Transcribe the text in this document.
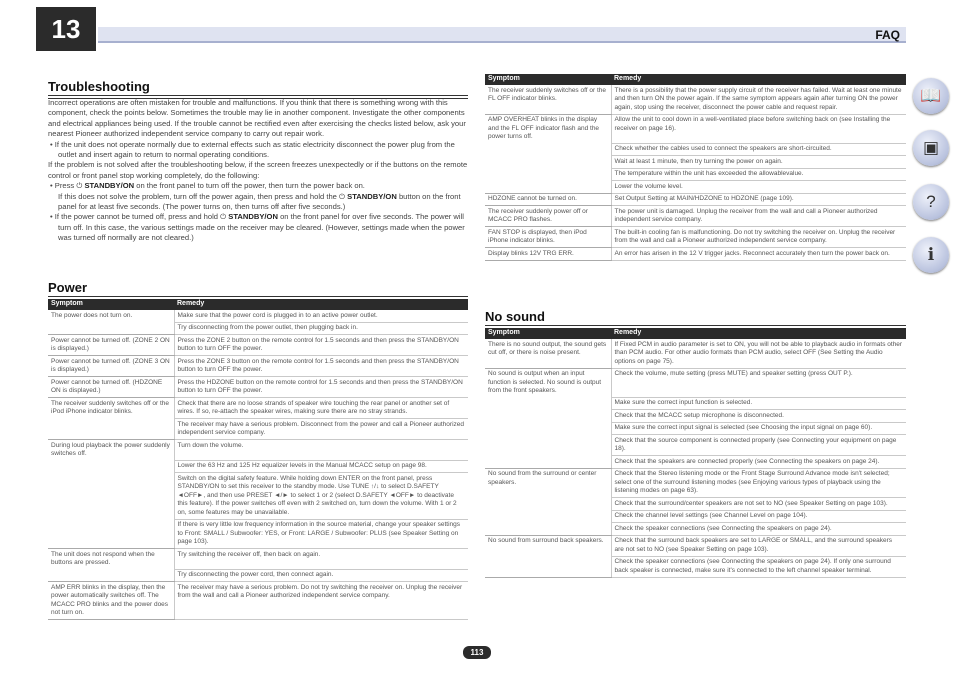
13	FAQ
Troubleshooting

Incorrect operations are often mistaken for trouble and malfunctions. If you think that there is something wrong with this component, check the points below. Sometimes the trouble may lie in another component. Investigate the other components and electrical appliances being used. If the trouble cannot be rectified even after exercising the checks listed below, ask your nearest Pioneer authorized independent service company to carry out repair work.

• If the unit does not operate normally due to external effects such as static electricity disconnect the power plug from the outlet and insert again to return to normal operating conditions.

If the problem is not solved after the troubleshooting below, if the screen freezes unexpectedly or if the buttons on the remote control or front panel stop working completely, do the following:

• Press ⏻ STANDBY/ON on the front panel to turn off the power, then turn the power back on.

If this does not solve the problem, turn off the power again, then press and hold the ⏻ STANDBY/ON button on the front panel for at least five seconds. (The power turns on, then turns off after five seconds.)

• If the power cannot be turned off, press and hold ⏻ STANDBY/ON on the front panel for over five seconds. The power will turn off. In this case, the various settings made on the receiver may be cleared. (However, settings made when the power was turned off normally are not cleared.)

Power
Symptom	Remedy
The power does not turn on.	Make sure that the power cord is plugged in to an active power outlet.
	Try disconnecting from the power outlet, then plugging back in.
Power cannot be turned off. (ZONE 2 ON is displayed.)	Press the ZONE 2 button on the remote control for 1.5 seconds and then press the STANDBY/ON button to turn OFF the power.
Power cannot be turned off. (ZONE 3 ON is displayed.)	Press the ZONE 3 button on the remote control for 1.5 seconds and then press the STANDBY/ON button to turn OFF the power.
Power cannot be turned off. (HDZONE ON is displayed.)	Press the HDZONE button on the remote control for 1.5 seconds and then press the STANDBY/ON button to turn OFF the power.
The receiver suddenly switches off or the iPod iPhone indicator blinks.	Check that there are no loose strands of speaker wire touching the rear panel or another set of wires. If so, re-attach the speaker wires, making sure there are no stray strands.
	The receiver may have a serious problem. Disconnect from the power and call a Pioneer authorized independent service company.
During loud playback the power suddenly switches off.	Turn down the volume.
	Lower the 63 Hz and 125 Hz equalizer levels in the Manual MCACC setup on page 98.
	Switch on the digital safety feature. While holding down ENTER on the front panel, press STANDBY/ON to set this receiver to the standby mode. Use TUNE ↑/↓ to select D.SAFETY ◄OFF►, and then use PRESET ◄/► to select 1 or 2 (select D.SAFETY ◄OFF► to deactivate this feature). If the power switches off even with 2 switched on, turn down the volume. With 1 or 2 on, some features may be unavailable.
	If there is very little low frequency information in the source material, change your speaker settings to Front: SMALL / Subwoofer: YES, or Front: LARGE / Subwoofer: PLUS (see Speaker Setting on page 103).
The unit does not respond when the buttons are pressed.	Try switching the receiver off, then back on again.
	Try disconnecting the power cord, then connect again.
AMP ERR blinks in the display, then the power automatically switches off. The MCACC PRO blinks and the power does not turn on.	The receiver may have a serious problem. Do not try switching the receiver on. Unplug the receiver from the wall and call a Pioneer authorized independent service company.
Symptom	Remedy
The receiver suddenly switches off or the FL OFF indicator blinks.	There is a possibility that the power supply circuit of the receiver has failed. Wait at least one minute and then turn ON the power again. If the same symptom appears again after turning ON the power again, stop using the receiver, disconnect the power cable and request repair.
AMP OVERHEAT blinks in the display and the FL OFF indicator flash and the power turns off.	Allow the unit to cool down in a well-ventilated place before switching back on (see Installing the receiver on page 16).
	Check whether the cables used to connect the speakers are short-circuited.
	Wait at least 1 minute, then try turning the power on again.
	The temperature within the unit has exceeded the allowablevalue.
	Lower the volume level.
HDZONE cannot be turned on.	Set Output Setting at MAIN/HDZONE to HDZONE (page 109).
The receiver suddenly power off or MCACC PRO flashes.	The power unit is damaged. Unplug the receiver from the wall and call a Pioneer authorized independent service company.
FAN STOP is displayed, then iPod iPhone indicator blinks.	The built-in cooling fan is malfunctioning. Do not try switching the receiver on. Unplug the receiver from the wall and call a Pioneer authorized independent service company.
Display blinks 12V TRG ERR.	An error has arisen in the 12 V trigger jacks. Reconnect accurately then turn the power back on.
No sound
Symptom	Remedy
There is no sound output, the sound gets cut off, or there is noise present.	If Fixed PCM in audio parameter is set to ON, you will not be able to playback audio in formats other than PCM audio. For other audio formats than PCM audio, select OFF (See Setting the Audio options on page 75).
No sound is output when an input function is selected. No sound is output from the front speakers.	Check the volume, mute setting (press MUTE) and speaker setting (press OUT P.).
	Make sure the correct input function is selected.
	Check that the MCACC setup microphone is disconnected.
	Make sure the correct input signal is selected (see Choosing the input signal on page 60).
	Check that the source component is connected properly (see Connecting your equipment on page 18).
	Check that the speakers are connected properly (see Connecting the speakers on page 24).
No sound from the surround or center speakers.	Check that the Stereo listening mode or the Front Stage Surround Advance mode isn't selected; select one of the surround listening modes (see Enjoying various types of playback using the listening modes on page 63).
	Check that the surround/center speakers are not set to NO (see Speaker Setting on page 103).
	Check the channel level settings (see Channel Level on page 104).
	Check the speaker connections (see Connecting the speakers on page 24).
No sound from surround back speakers.	Check that the surround back speakers are set to LARGE or SMALL, and the surround speakers are not set to NO (see Speaker Setting on page 103).
	Check the speaker connections (see Connecting the speakers on page 24). If only one surround back speaker is connected, make sure it's connected to the left channel speaker terminal.
📖
▣
?
ℹ
113
